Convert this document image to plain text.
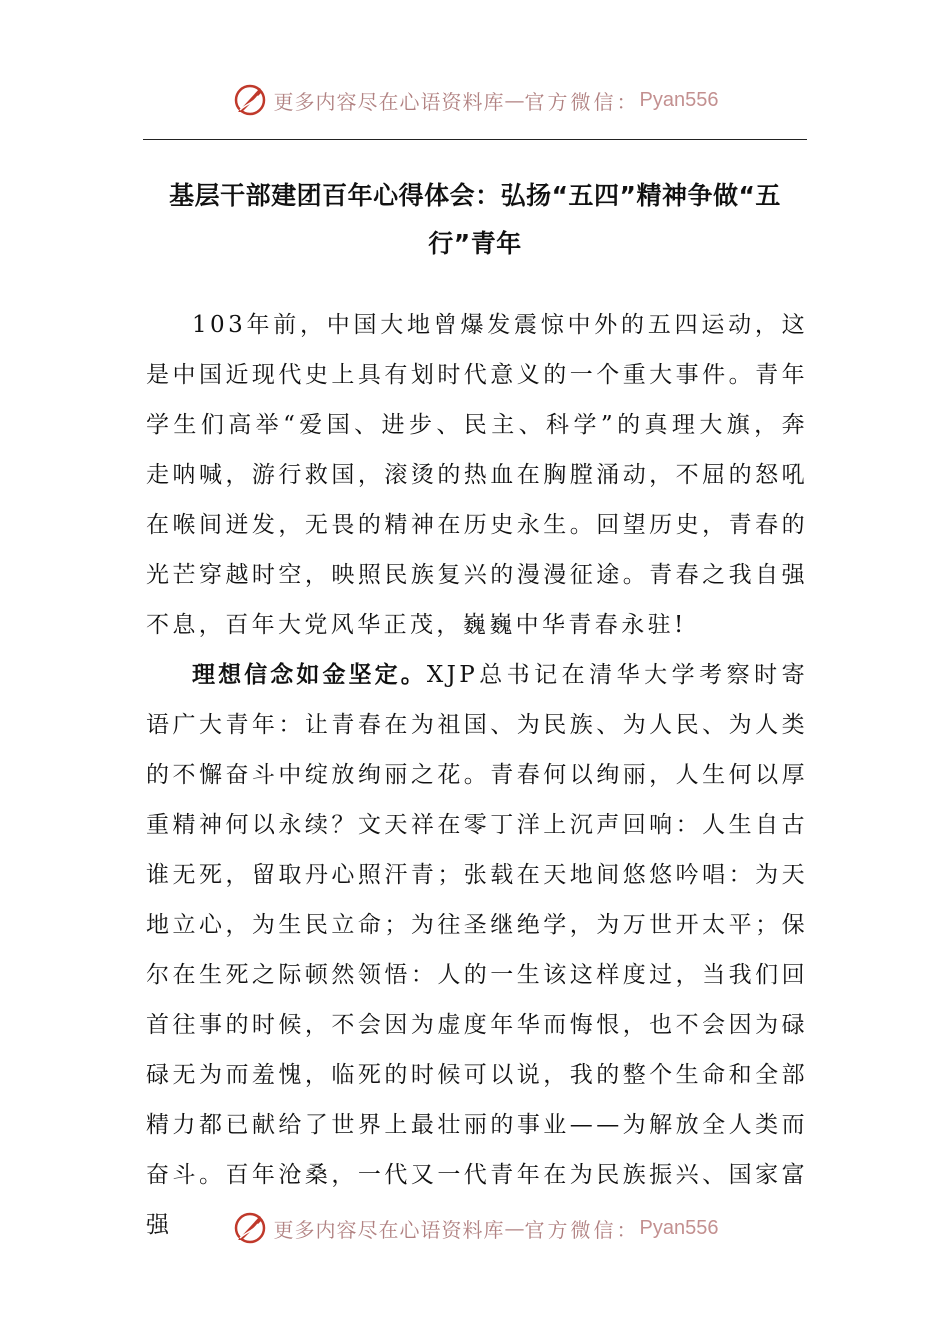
更多内容尽在心语资料库 — 官方微信： Pyan556
基层干部建团百年心得体会：弘扬“五四”精神争做“五行”青年

103年前，中国大地曾爆发震惊中外的五四运动，这是中国近现代史上具有划时代意义的一个重大事件。青年学生们高举“爱国、进步、民主、科学”的真理大旗，奔走呐喊，游行救国，滚烫的热血在胸膛涌动，不屈的怒吼在喉间迸发，无畏的精神在历史永生。回望历史，青春的光芒穿越时空，映照民族复兴的漫漫征途。青春之我自强不息，百年大党风华正茂，巍巍中华青春永驻!

理想信念如金坚定。XJP总书记在清华大学考察时寄语广大青年：让青春在为祖国、为民族、为人民、为人类的不懈奋斗中绽放绚丽之花。青春何以绚丽，人生何以厚重精神何以永续？文天祥在零丁洋上沉声回响：人生自古谁无死，留取丹心照汗青；张载在天地间悠悠吟唱：为天地立心，为生民立命；为往圣继绝学，为万世开太平；保尔在生死之际顿然领悟：人的一生该这样度过，当我们回首往事的时候，不会因为虚度年华而悔恨，也不会因为碌碌无为而羞愧，临死的时候可以说，我的整个生命和全部精力都已献给了世界上最壮丽的事业——为解放全人类而奋斗。百年沧桑，一代又一代青年在为民族振兴、国家富强	更多内容尽在心语资料库 — 官方微信： Pyan556
